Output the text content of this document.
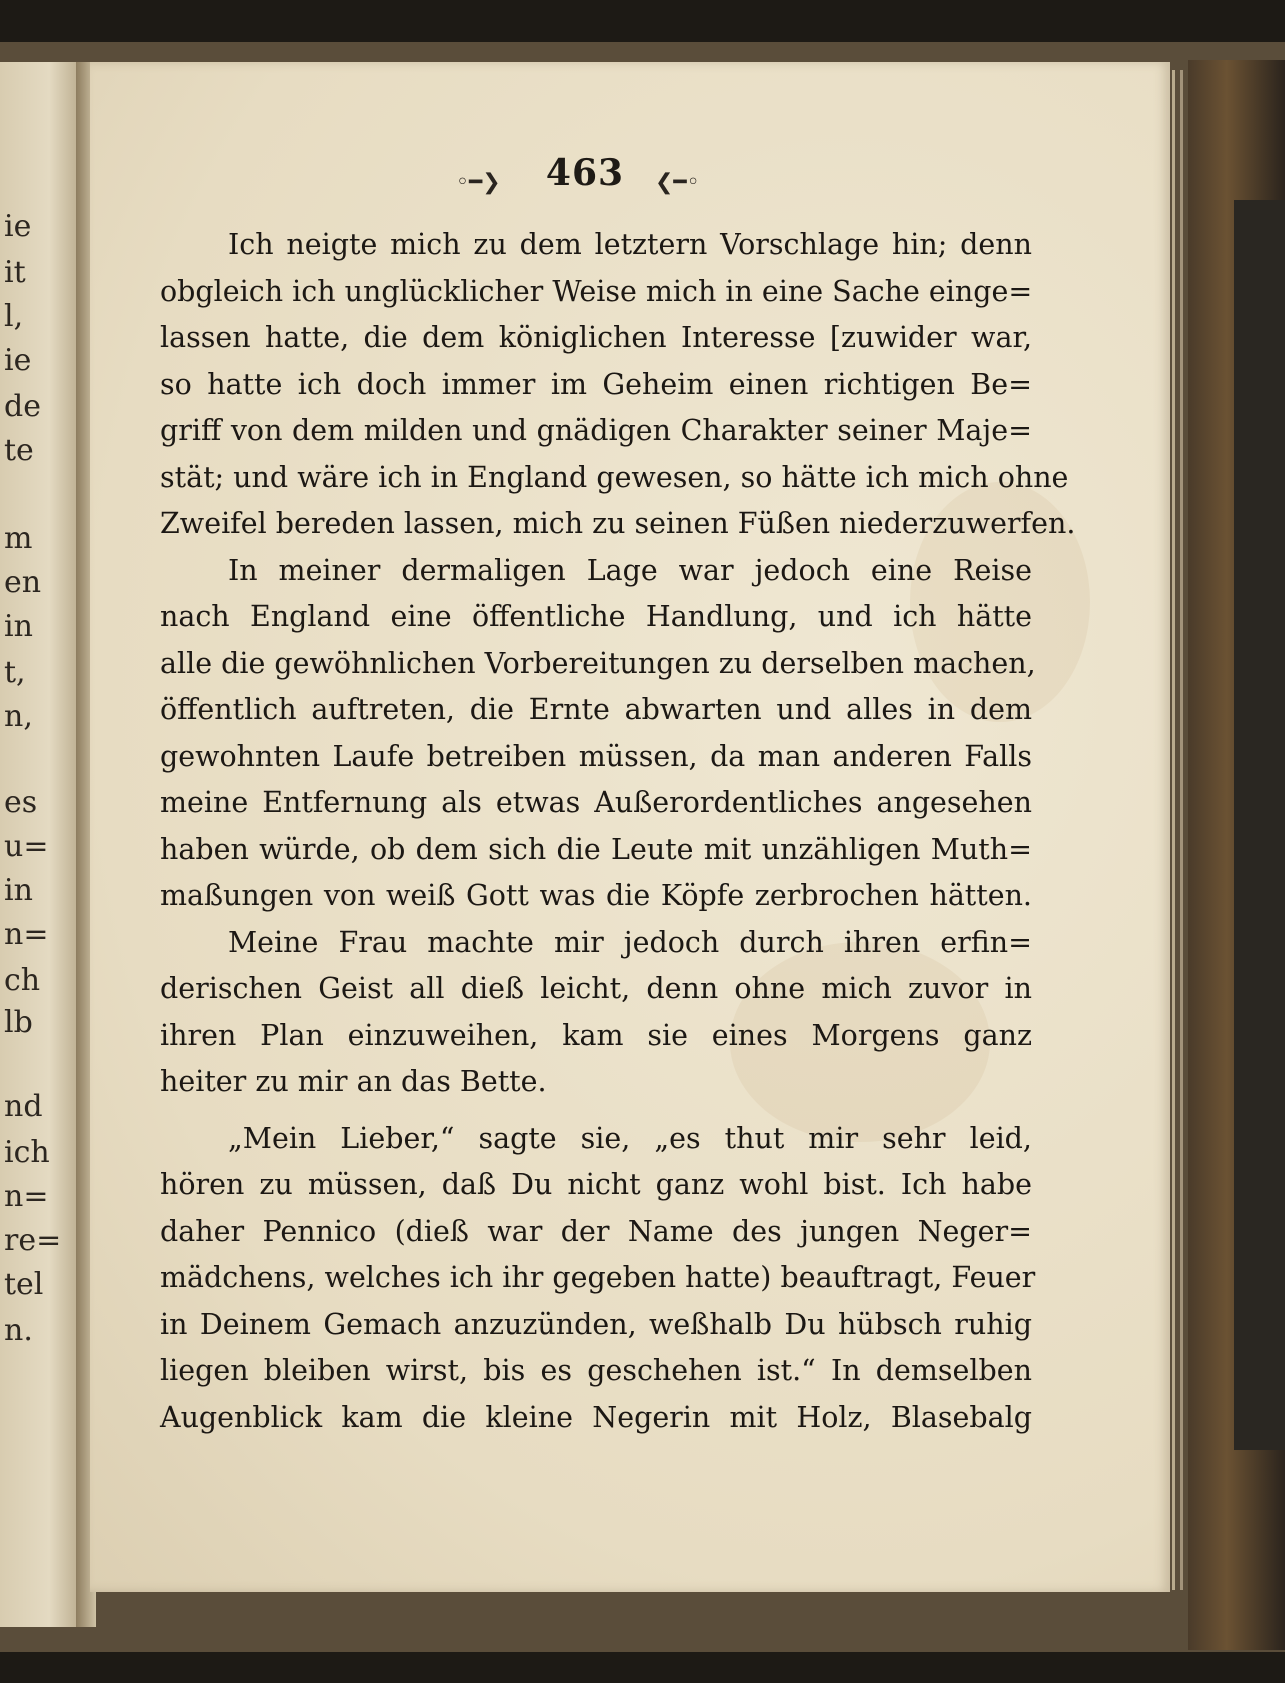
ie
it
l,
ie
de
te
m
en
in
t,
n,
es
u=
in
n=
ch
lb
nd
ich
n=
re=
tel
n.
◦━❯	463	❮━◦
Ich neigte mich zu dem letztern Vorschlage hin; denn
obgleich ich unglücklicher Weise mich in eine Sache einge=
lassen hatte, die dem königlichen Interesse [zuwider war,
so hatte ich doch immer im Geheim einen richtigen Be=
griff von dem milden und gnädigen Charakter seiner Maje=
stät; und wäre ich in England gewesen, so hätte ich mich ohne
Zweifel bereden lassen, mich zu seinen Füßen niederzuwerfen.
In meiner dermaligen Lage war jedoch eine Reise
nach England eine öffentliche Handlung, und ich hätte
alle die gewöhnlichen Vorbereitungen zu derselben machen,
öffentlich auftreten, die Ernte abwarten und alles in dem
gewohnten Laufe betreiben müssen, da man anderen Falls
meine Entfernung als etwas Außerordentliches angesehen
haben würde, ob dem sich die Leute mit unzähligen Muth=
maßungen von weiß Gott was die Köpfe zerbrochen hätten.
Meine Frau machte mir jedoch durch ihren erfin=
derischen Geist all dieß leicht, denn ohne mich zuvor in
ihren Plan einzuweihen, kam sie eines Morgens ganz
heiter zu mir an das Bette.
„Mein Lieber,“ sagte sie, „es thut mir sehr leid,
hören zu müssen, daß Du nicht ganz wohl bist. Ich habe
daher Pennico (dieß war der Name des jungen Neger=
mädchens, welches ich ihr gegeben hatte) beauftragt, Feuer
in Deinem Gemach anzuzünden, weßhalb Du hübsch ruhig
liegen bleiben wirst, bis es geschehen ist.“ In demselben
Augenblick kam die kleine Negerin mit Holz, Blasebalg
